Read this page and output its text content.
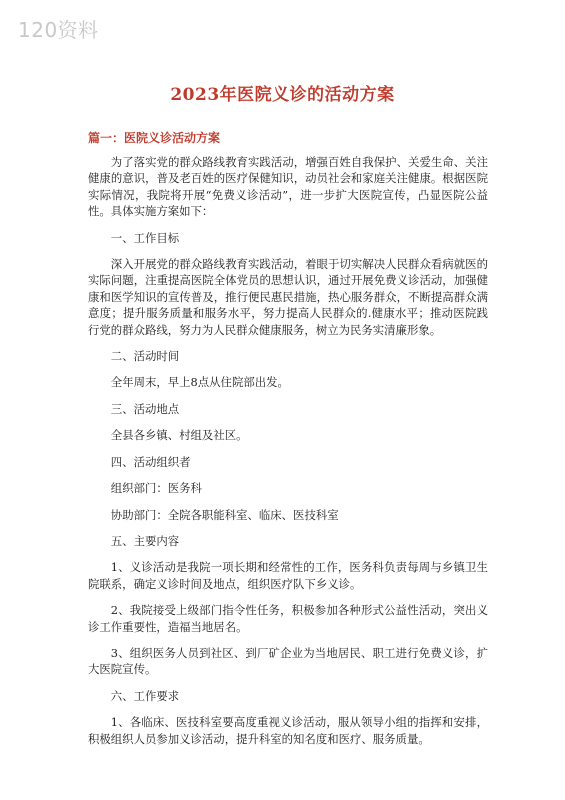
120资料
2023年医院义诊的活动方案
篇一：医院义诊活动方案

为了落实党的群众路线教育实践活动，增强百姓自我保护、关爱生命、关注健康的意识，普及老百姓的医疗保健知识，动员社会和家庭关注健康。根据医院实际情况，我院将开展“免费义诊活动”，进一步扩大医院宣传，凸显医院公益性。具体实施方案如下：

一、工作目标

深入开展党的群众路线教育实践活动，着眼于切实解决人民群众看病就医的实际问题，注重提高医院全体党员的思想认识，通过开展免费义诊活动，加强健康和医学知识的宣传普及，推行便民惠民措施，热心服务群众，不断提高群众满意度；提升服务质量和服务水平，努力提高人民群众的.健康水平；推动医院践行党的群众路线，努力为人民群众健康服务，树立为民务实清廉形象。

二、活动时间

全年周末，早上8点从住院部出发。

三、活动地点

全县各乡镇、村组及社区。

四、活动组织者

组织部门：医务科

协助部门：全院各职能科室、临床、医技科室

五、主要内容

1、义诊活动是我院一项长期和经常性的工作，医务科负责每周与乡镇卫生院联系，确定义诊时间及地点，组织医疗队下乡义诊。

2、我院接受上级部门指令性任务，积极参加各种形式公益性活动，突出义诊工作重要性，造福当地居名。

3、组织医务人员到社区、到厂矿企业为当地居民、职工进行免费义诊，扩大医院宣传。

六、工作要求

1、各临床、医技科室要高度重视义诊活动，服从领导小组的指挥和安排，积极组织人员参加义诊活动，提升科室的知名度和医疗、服务质量。
